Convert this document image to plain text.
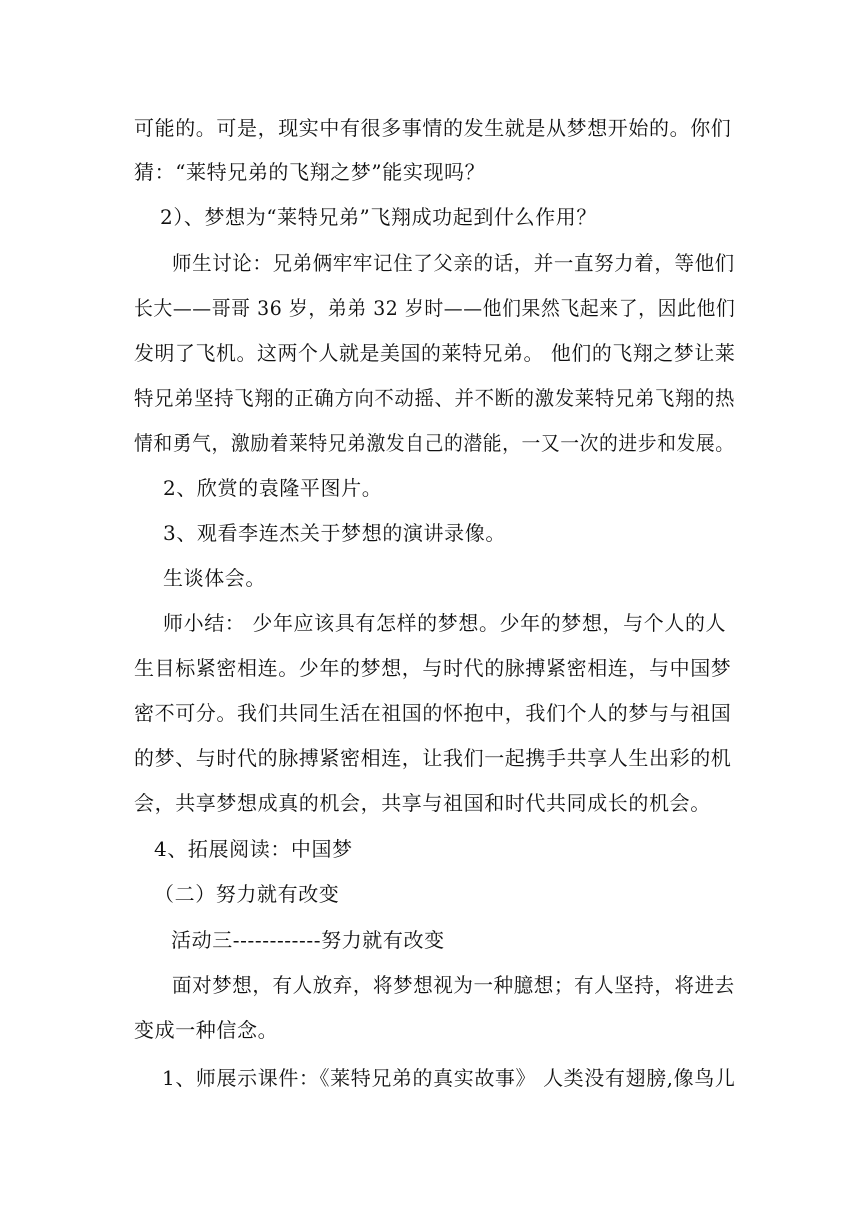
可能的。可是，现实中有很多事情的发生就是从梦想开始的。你们
猜：“莱特兄弟的飞翔之梦”能实现吗？
2）、梦想为“莱特兄弟”飞翔成功起到什么作用？
师生讨论：兄弟俩牢牢记住了父亲的话，并一直努力着，等他们
长大——哥哥 36 岁，弟弟 32 岁时——他们果然飞起来了，因此他们
发明了飞机。这两个人就是美国的莱特兄弟。 他们的飞翔之梦让莱
特兄弟坚持飞翔的正确方向不动摇、并不断的激发莱特兄弟飞翔的热
情和勇气，激励着莱特兄弟激发自己的潜能，一又一次的进步和发展。
2、欣赏的袁隆平图片。
3、观看李连杰关于梦想的演讲录像。
生谈体会。
师小结： 少年应该具有怎样的梦想。少年的梦想，与个人的人
生目标紧密相连。少年的梦想，与时代的脉搏紧密相连，与中国梦
密不可分。我们共同生活在祖国的怀抱中，我们个人的梦与与祖国
的梦、与时代的脉搏紧密相连，让我们一起携手共享人生出彩的机
会，共享梦想成真的机会，共享与祖国和时代共同成长的机会。
4、拓展阅读：中国梦
（二）努力就有改变
活动三------------努力就有改变
面对梦想，有人放弃，将梦想视为一种臆想；有人坚持，将进去
变成一种信念。
1、师展示课件：《莱特兄弟的真实故事》 人类没有翅膀,像鸟儿
